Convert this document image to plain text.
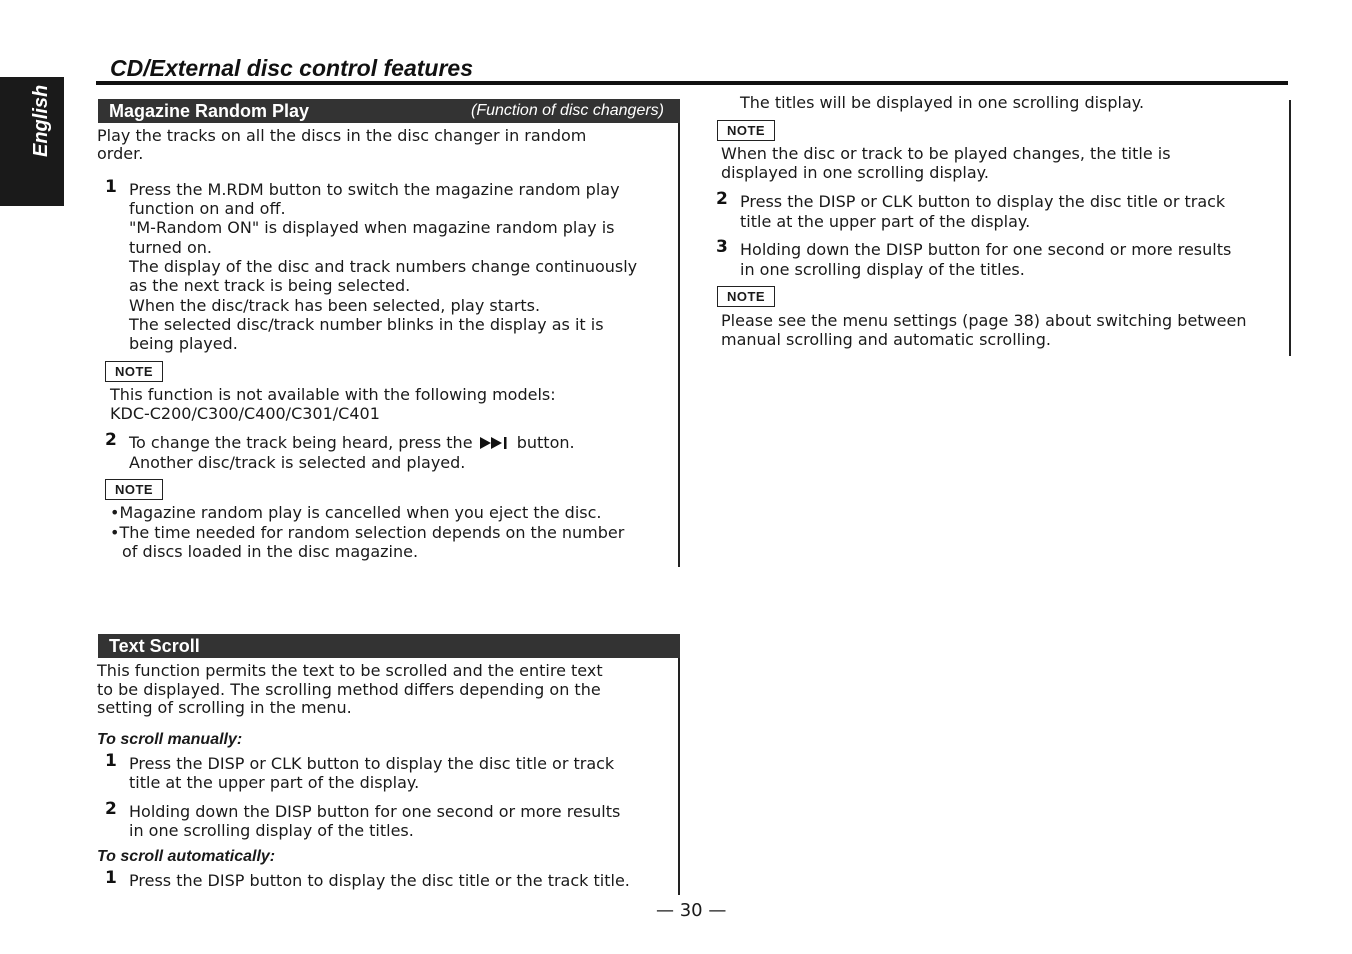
English
CD/External disc control features
Magazine Random Play	(Function of disc changers)
Play the tracks on all the discs in the disc changer in random
order.
1 Press the M.RDM button to switch the magazine random play
function on and off.
"M-Random ON" is displayed when magazine random play is
turned on.
The display of the disc and track numbers change continuously
as the next track is being selected.
When the disc/track has been selected, play starts.
The selected disc/track number blinks in the display as it is
being played.
NOTE
This function is not available with the following models:
KDC-C200/C300/C400/C301/C401
2 To change the track being heard, press the	button.
Another disc/track is selected and played.
NOTE
•Magazine random play is cancelled when you eject the disc.
•The time needed for random selection depends on the number
of discs loaded in the disc magazine.
Text Scroll
This function permits the text to be scrolled and the entire text
to be displayed. The scrolling method differs depending on the
setting of scrolling in the menu.
To scroll manually:
1 Press the DISP or CLK button to display the disc title or track
title at the upper part of the display.
2 Holding down the DISP button for one second or more results
in one scrolling display of the titles.
To scroll automatically:
1 Press the DISP button to display the disc title or the track title.
The titles will be displayed in one scrolling display.
NOTE
When the disc or track to be played changes, the title is
displayed in one scrolling display.
2 Press the DISP or CLK button to display the disc title or track
title at the upper part of the display.
3 Holding down the DISP button for one second or more results
in one scrolling display of the titles.
NOTE
Please see the menu settings (page 38) about switching between
manual scrolling and automatic scrolling.
— 30 —
